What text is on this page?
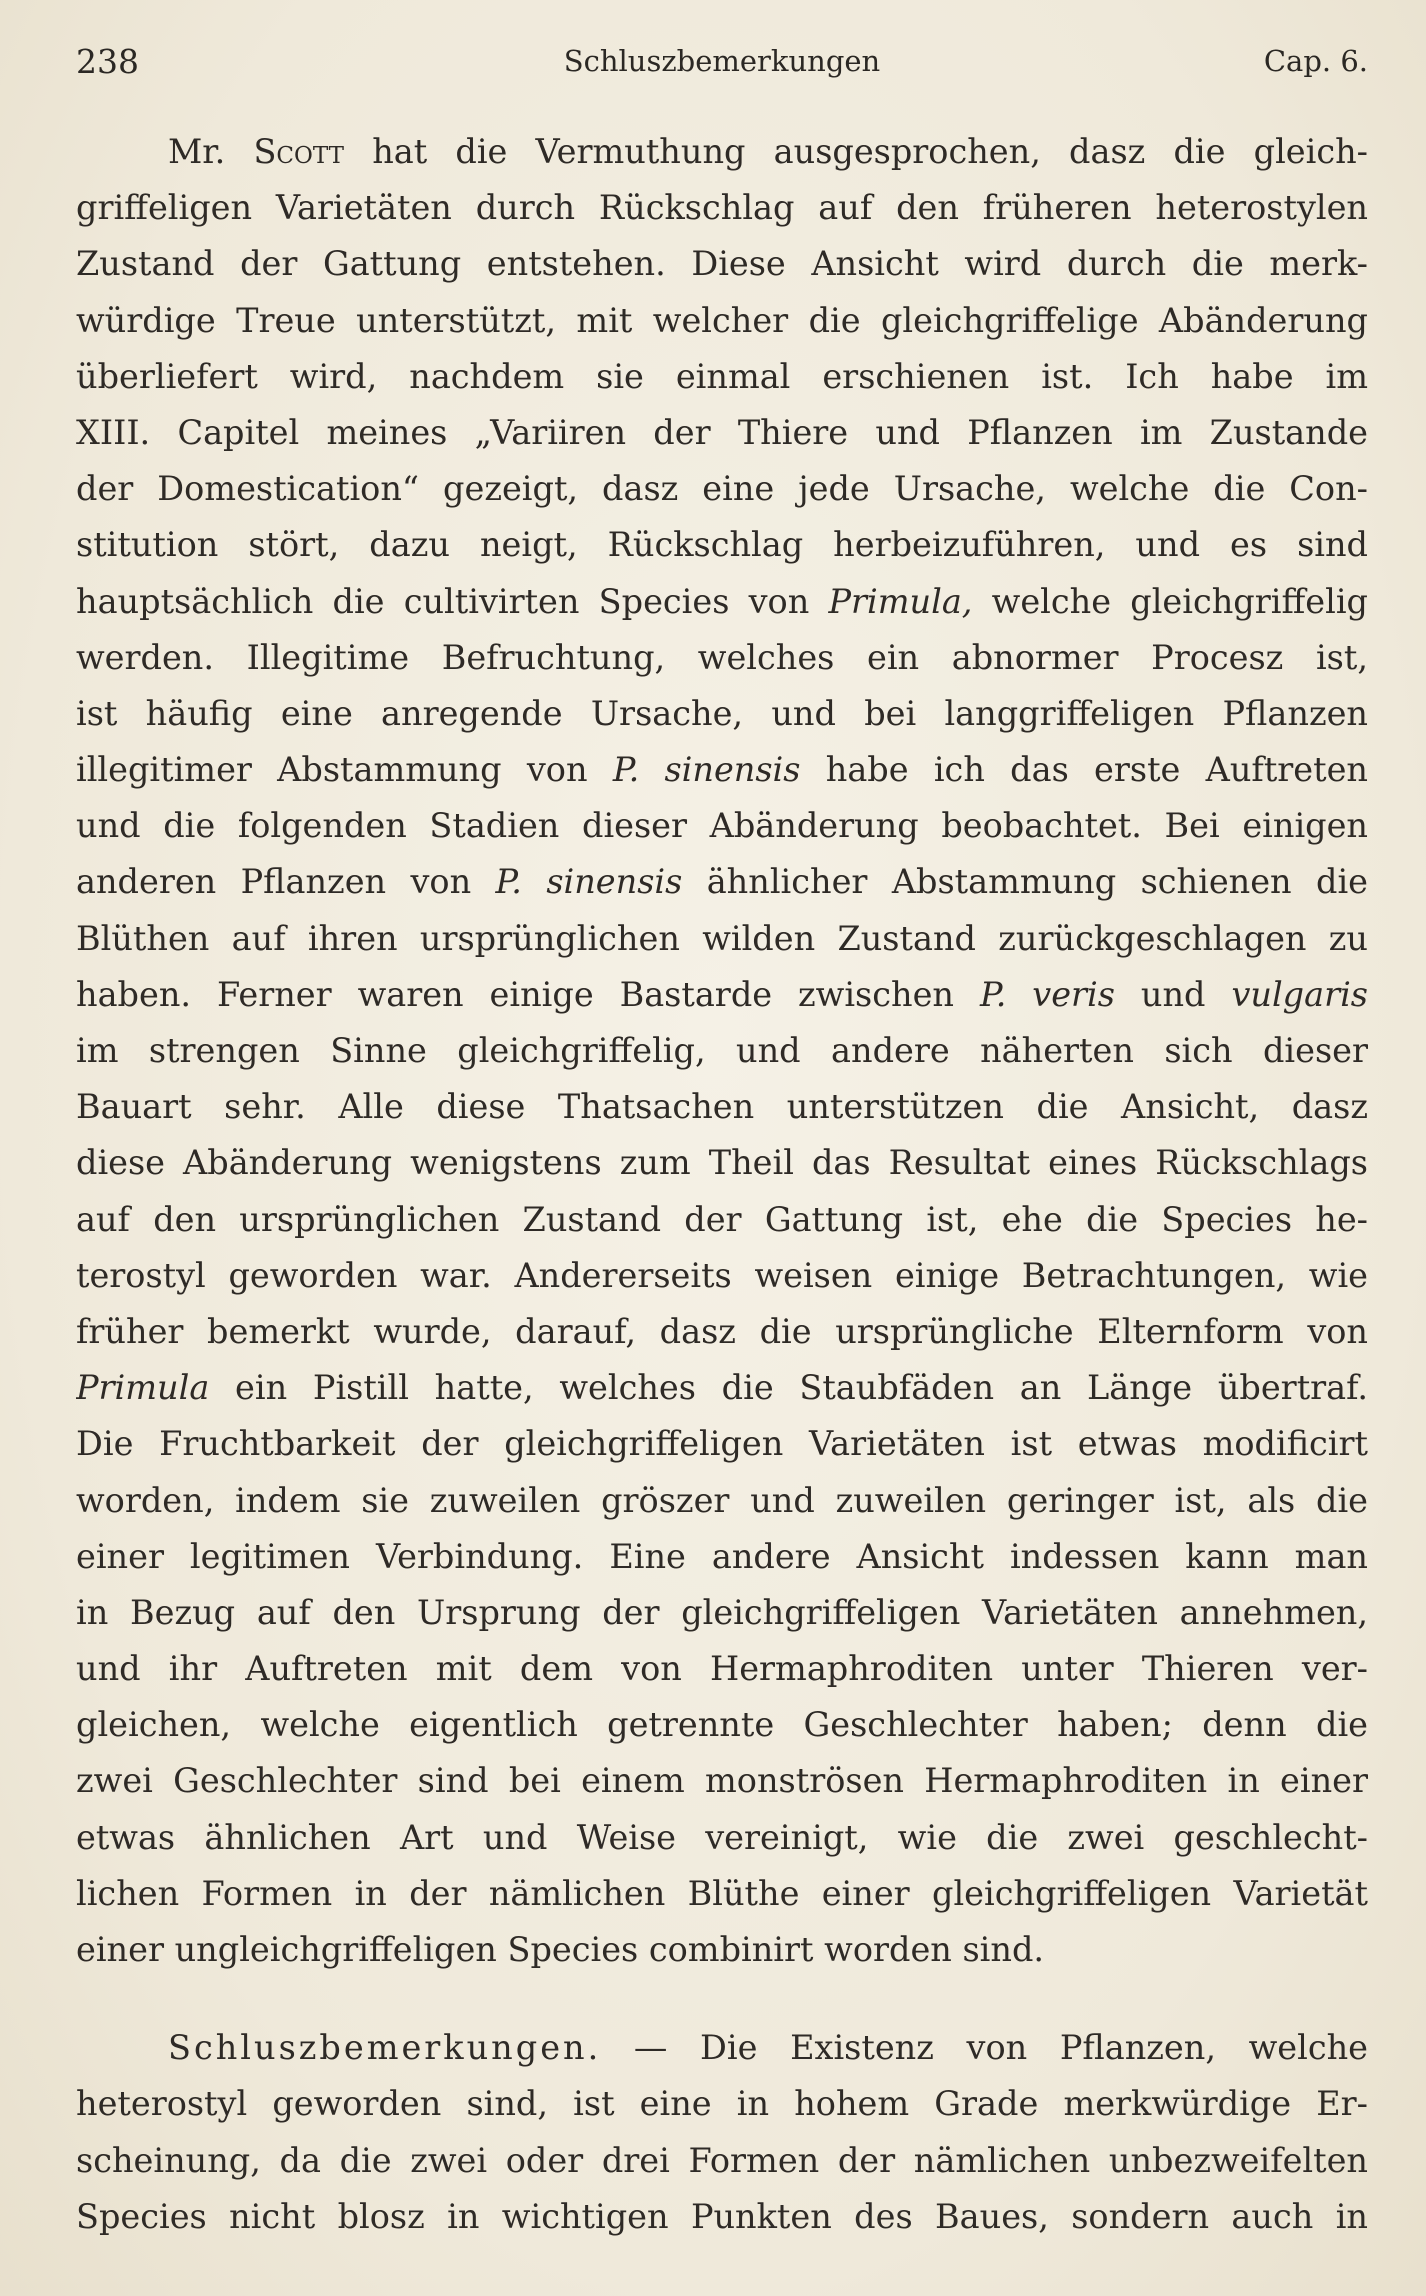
238	Schluszbemerkungen	Cap. 6.
Mr. Scott hat die Vermuthung ausgesprochen, dasz die gleich-
griffeligen Varietäten durch Rückschlag auf den früheren heterostylen
Zustand der Gattung entstehen. Diese Ansicht wird durch die merk-
würdige Treue unterstützt, mit welcher die gleichgriffelige Abänderung
überliefert wird, nachdem sie einmal erschienen ist. Ich habe im
XIII. Capitel meines „Variiren der Thiere und Pflanzen im Zustande
der Domestication“ gezeigt, dasz eine jede Ursache, welche die Con-
stitution stört, dazu neigt, Rückschlag herbeizuführen, und es sind
hauptsächlich die cultivirten Species von Primula, welche gleichgriffelig
werden. Illegitime Befruchtung, welches ein abnormer Procesz ist,
ist häufig eine anregende Ursache, und bei langgriffeligen Pflanzen
illegitimer Abstammung von P. sinensis habe ich das erste Auftreten
und die folgenden Stadien dieser Abänderung beobachtet. Bei einigen
anderen Pflanzen von P. sinensis ähnlicher Abstammung schienen die
Blüthen auf ihren ursprünglichen wilden Zustand zurückgeschlagen zu
haben. Ferner waren einige Bastarde zwischen P. veris und vulgaris
im strengen Sinne gleichgriffelig, und andere näherten sich dieser
Bauart sehr. Alle diese Thatsachen unterstützen die Ansicht, dasz
diese Abänderung wenigstens zum Theil das Resultat eines Rückschlags
auf den ursprünglichen Zustand der Gattung ist, ehe die Species he-
terostyl geworden war. Andererseits weisen einige Betrachtungen, wie
früher bemerkt wurde, darauf, dasz die ursprüngliche Elternform von
Primula ein Pistill hatte, welches die Staubfäden an Länge übertraf.
Die Fruchtbarkeit der gleichgriffeligen Varietäten ist etwas modificirt
worden, indem sie zuweilen gröszer und zuweilen geringer ist, als die
einer legitimen Verbindung. Eine andere Ansicht indessen kann man
in Bezug auf den Ursprung der gleichgriffeligen Varietäten annehmen,
und ihr Auftreten mit dem von Hermaphroditen unter Thieren ver-
gleichen, welche eigentlich getrennte Geschlechter haben; denn die
zwei Geschlechter sind bei einem monströsen Hermaphroditen in einer
etwas ähnlichen Art und Weise vereinigt, wie die zwei geschlecht-
lichen Formen in der nämlichen Blüthe einer gleichgriffeligen Varietät
einer ungleichgriffeligen Species combinirt worden sind.
Schluszbemerkungen. — Die Existenz von Pflanzen, welche
heterostyl geworden sind, ist eine in hohem Grade merkwürdige Er-
scheinung, da die zwei oder drei Formen der nämlichen unbezweifelten
Species nicht blosz in wichtigen Punkten des Baues, sondern auch in
